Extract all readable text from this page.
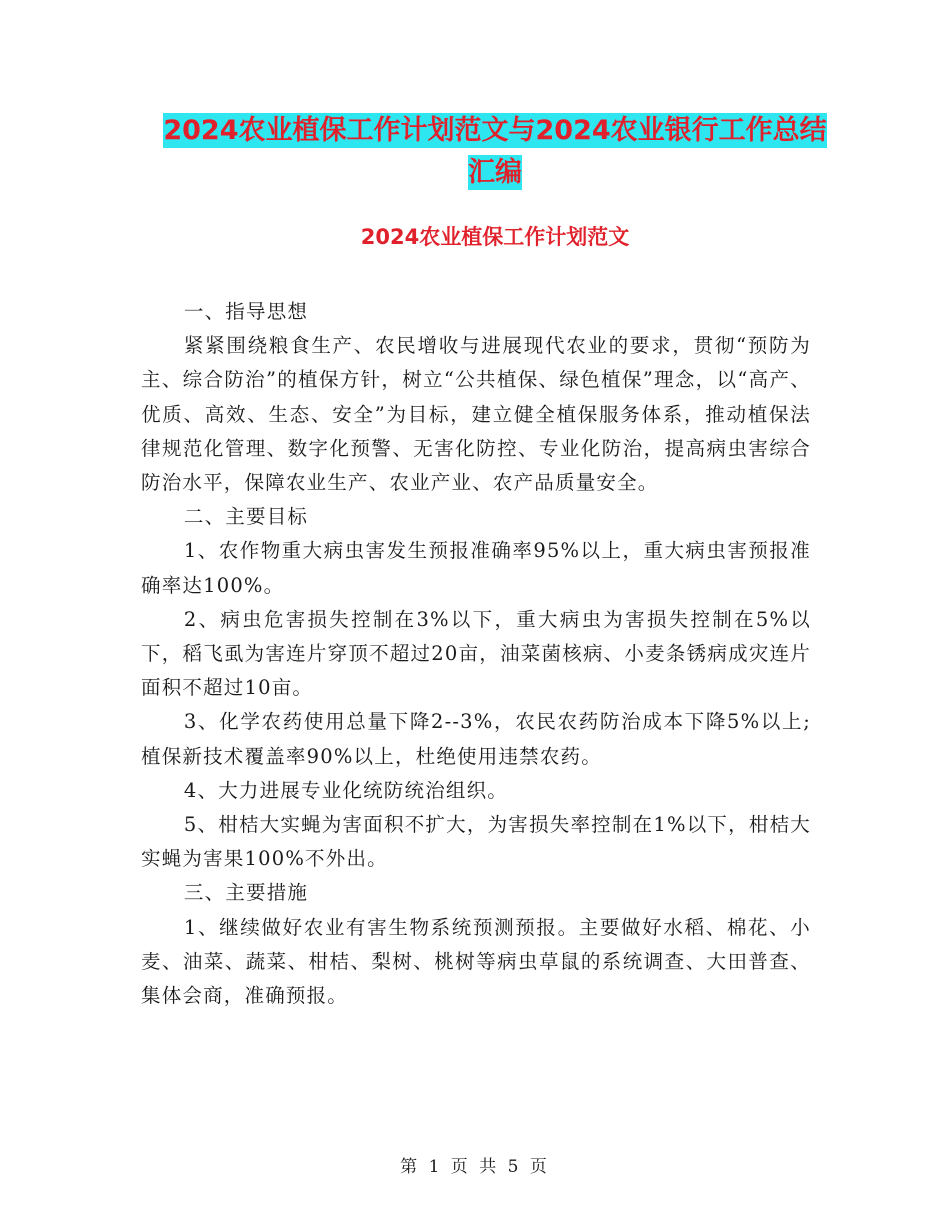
2024农业植保工作计划范文与2024农业银行工作总结
汇编
2024农业植保工作计划范文

一、指导思想

紧紧围绕粮食生产、农民增收与进展现代农业的要求，贯彻“预防为主、综合防治”的植保方针，树立“公共植保、绿色植保”理念，以“高产、优质、高效、生态、安全”为目标，建立健全植保服务体系，推动植保法律规范化管理、数字化预警、无害化防控、专业化防治，提高病虫害综合防治水平，保障农业生产、农业产业、农产品质量安全。

二、主要目标

1、农作物重大病虫害发生预报准确率95%以上，重大病虫害预报准确率达100%。

2、病虫危害损失控制在3%以下，重大病虫为害损失控制在5%以下，稻飞虱为害连片穿顶不超过20亩，油菜菌核病、小麦条锈病成灾连片面积不超过10亩。

3、化学农药使用总量下降2--3%，农民农药防治成本下降5%以上;植保新技术覆盖率90%以上，杜绝使用违禁农药。

4、大力进展专业化统防统治组织。

5、柑桔大实蝇为害面积不扩大，为害损失率控制在1%以下，柑桔大实蝇为害果100%不外出。

三、主要措施

1、继续做好农业有害生物系统预测预报。主要做好水稻、棉花、小麦、油菜、蔬菜、柑桔、梨树、桃树等病虫草鼠的系统调查、大田普查、集体会商，准确预报。

第 1 页 共 5 页
